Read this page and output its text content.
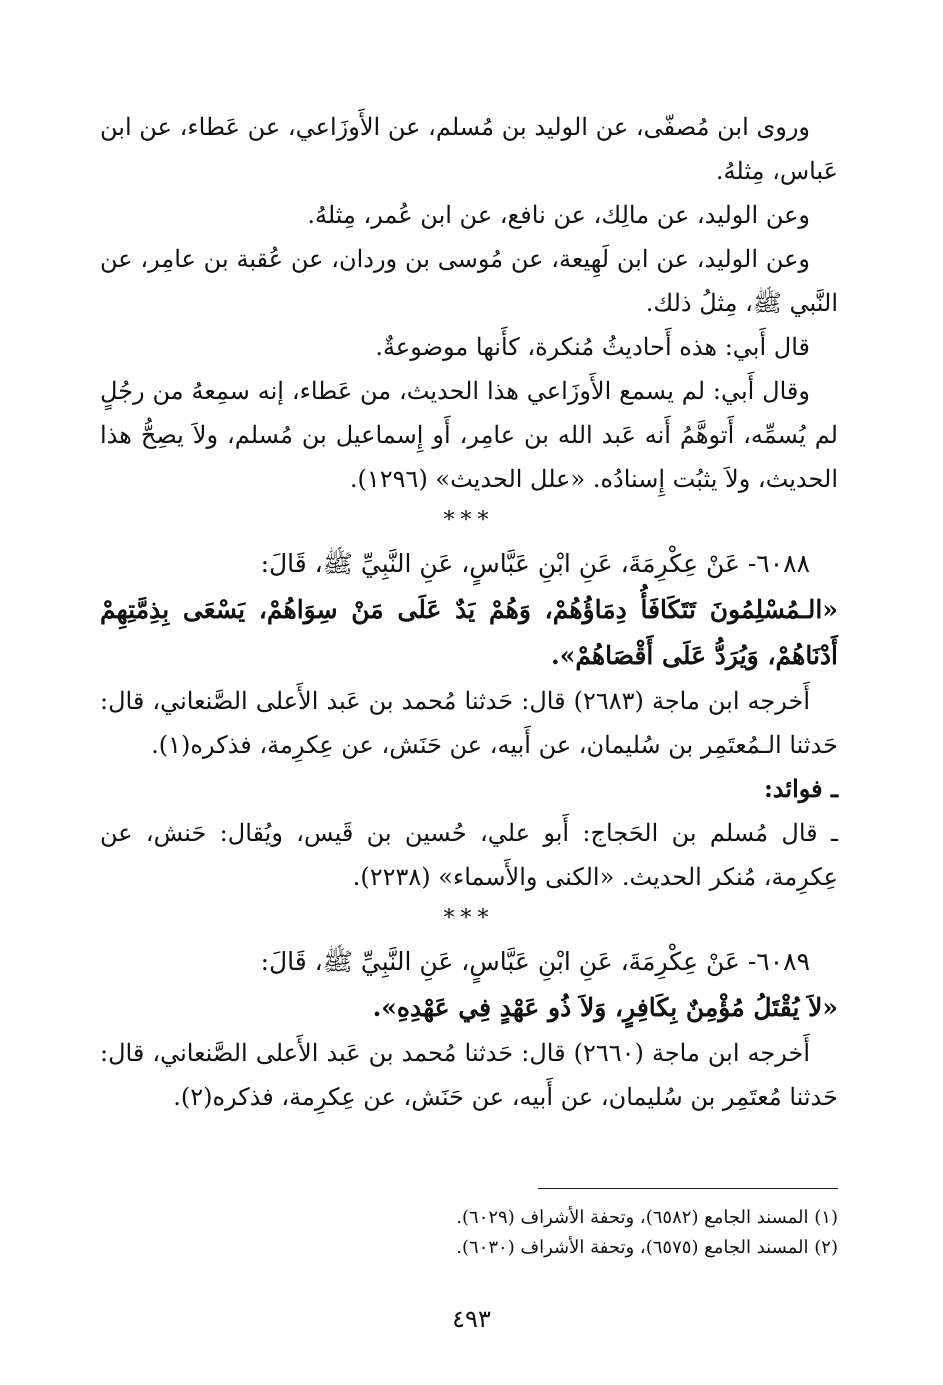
وروى ابن مُصفّى، عن الوليد بن مُسلم، عن الأَوزَاعي، عن عَطاء، عن ابن عَباس، مِثلهُ.

وعن الوليد، عن مالِك، عن نافع، عن ابن عُمر، مِثلهُ.

وعن الوليد، عن ابن لَهِيعة، عن مُوسى بن وردان، عن عُقبة بن عامِر، عن النَّبي ﷺ، مِثلُ ذلك.

قال أَبي: هذه أَحاديثُ مُنكرة، كأَنها موضوعةٌ.

وقال أَبي: لم يسمع الأَوزَاعي هذا الحديث، من عَطاء، إنه سمِعهُ من رجُلٍ لم يُسمِّه، أَتوهَّمُ أَنه عَبد الله بن عامِر، أَو إِسماعيل بن مُسلم، ولاَ يصِحُّ هذا الحديث، ولاَ يثبُت إِسنادُه. «علل الحديث» (١٢٩٦).

***

٦٠٨٨- عَنْ عِكْرِمَةَ، عَنِ ابْنِ عَبَّاسٍ، عَنِ النَّبِيِّ ﷺ، قَالَ:

«الـمُسْلِمُونَ تَتَكَافَأُ دِمَاؤُهُمْ، وَهُمْ يَدٌ عَلَى مَنْ سِوَاهُمْ، يَسْعَى بِذِمَّتِهِمْ أَدْنَاهُمْ، وَيُرَدُّ عَلَى أَقْصَاهُمْ».

أَخرجه ابن ماجة (٢٦٨٣) قال: حَدثنا مُحمد بن عَبد الأَعلى الصَّنعاني، قال: حَدثنا الـمُعتَمِر بن سُليمان، عن أَبيه، عن حَنَش، عن عِكرِمة، فذكره(١).

ـ فوائد:

ـ قال مُسلم بن الحَجاج: أَبو علي، حُسين بن قَيس، ويُقال: حَنش، عن عِكرِمة، مُنكر الحديث. «الكنى والأَسماء» (٢٢٣٨).

***

٦٠٨٩- عَنْ عِكْرِمَةَ، عَنِ ابْنِ عَبَّاسٍ، عَنِ النَّبِيِّ ﷺ، قَالَ:

«لاَ يُقْتَلُ مُؤْمِنٌ بِكَافِرٍ، وَلاَ ذُو عَهْدٍ فِي عَهْدِهِ».

أَخرجه ابن ماجة (٢٦٦٠) قال: حَدثنا مُحمد بن عَبد الأَعلى الصَّنعاني، قال: حَدثنا مُعتَمِر بن سُليمان، عن أَبيه، عن حَنَش، عن عِكرِمة، فذكره(٢).

(١) المسند الجامع (٦٥٨٢)، وتحفة الأشراف (٦٠٢٩).

(٢) المسند الجامع (٦٥٧٥)، وتحفة الأشراف (٦٠٣٠).

٤٩٣
